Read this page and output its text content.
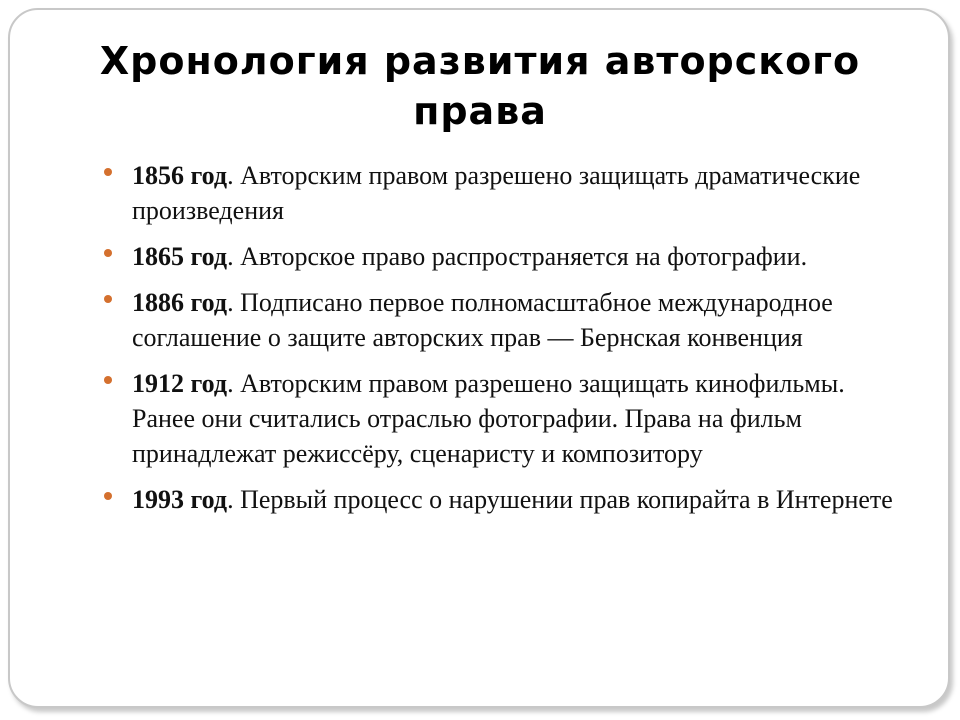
Хронология развития авторского
права
1856 год. Авторским правом разрешено защищать драматические произведения
1865 год. Авторское право распространяется на фотографии.
1886 год. Подписано первое полномасштабное международное соглашение о защите авторских прав — Бернская конвенция
1912 год. Авторским правом разрешено защищать кинофильмы. Ранее они считались отраслью фотографии. Права на фильм принадлежат режиссёру, сценаристу и композитору
1993 год. Первый процесс о нарушении прав копирайта в Интернете
